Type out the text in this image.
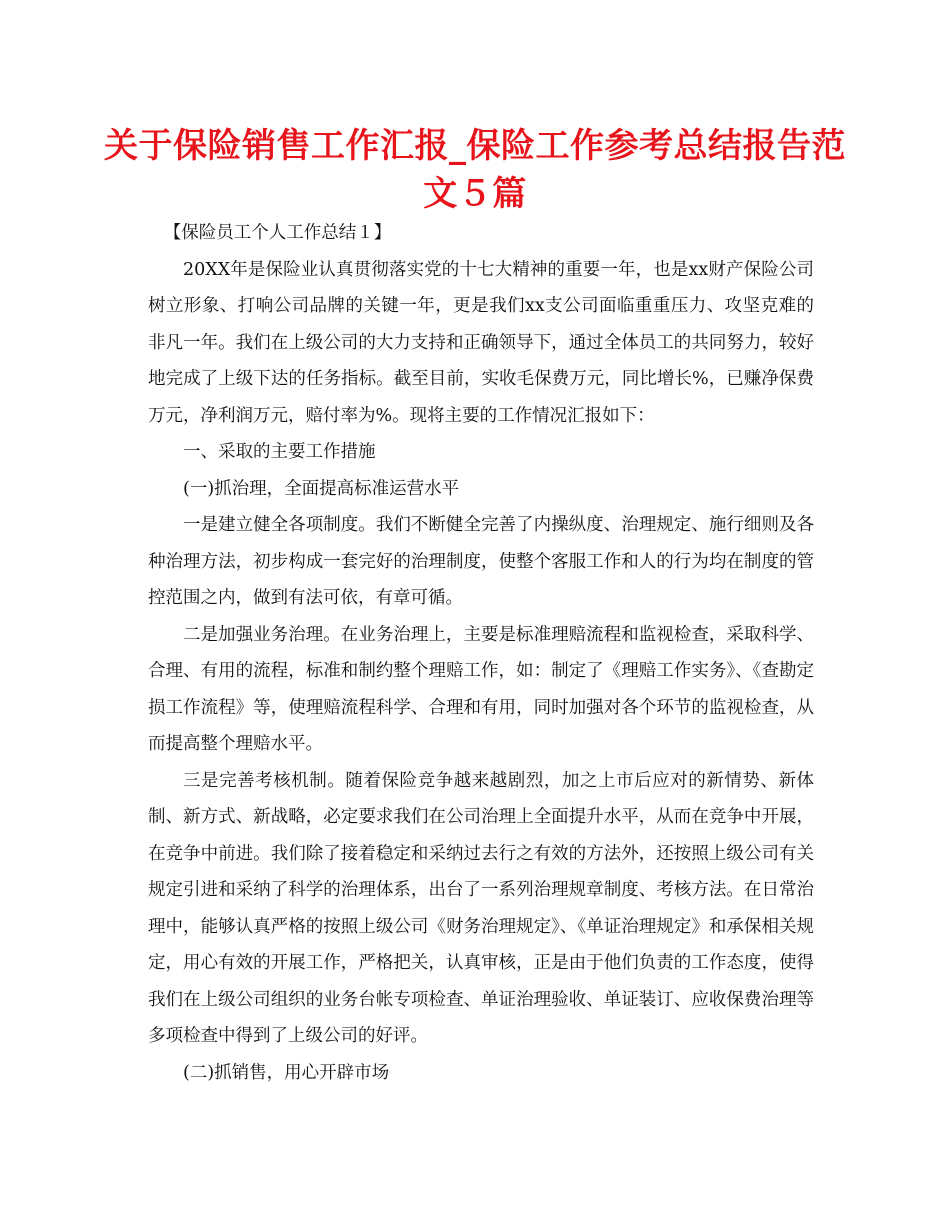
关于保险销售工作汇报_保险工作参考总结报告范文５篇

【保险员工个人工作总结１】

20XX年是保险业认真贯彻落实党的十七大精神的重要一年，也是xx财产保险公司树立形象、打响公司品牌的关键一年，更是我们xx支公司面临重重压力、攻坚克难的非凡一年。我们在上级公司的大力支持和正确领导下，通过全体员工的共同努力，较好地完成了上级下达的任务指标。截至目前，实收毛保费万元，同比增长%，已赚净保费万元，净利润万元，赔付率为%。现将主要的工作情况汇报如下：

一、采取的主要工作措施

(一)抓治理，全面提高标准运营水平

一是建立健全各项制度。我们不断健全完善了内操纵度、治理规定、施行细则及各种治理方法，初步构成一套完好的治理制度，使整个客服工作和人的行为均在制度的管控范围之内，做到有法可依，有章可循。

二是加强业务治理。在业务治理上，主要是标准理赔流程和监视检查，采取科学、合理、有用的流程，标准和制约整个理赔工作，如：制定了《理赔工作实务》、《查勘定损工作流程》等，使理赔流程科学、合理和有用，同时加强对各个环节的监视检查，从而提高整个理赔水平。

三是完善考核机制。随着保险竞争越来越剧烈，加之上市后应对的新情势、新体制、新方式、新战略，必定要求我们在公司治理上全面提升水平，从而在竞争中开展，在竞争中前进。我们除了接着稳定和采纳过去行之有效的方法外，还按照上级公司有关规定引进和采纳了科学的治理体系，出台了一系列治理规章制度、考核方法。在日常治理中，能够认真严格的按照上级公司《财务治理规定》、《单证治理规定》和承保相关规定，用心有效的开展工作，严格把关，认真审核，正是由于他们负责的工作态度，使得我们在上级公司组织的业务台帐专项检查、单证治理验收、单证装订、应收保费治理等多项检查中得到了上级公司的好评。

(二)抓销售，用心开辟市场
